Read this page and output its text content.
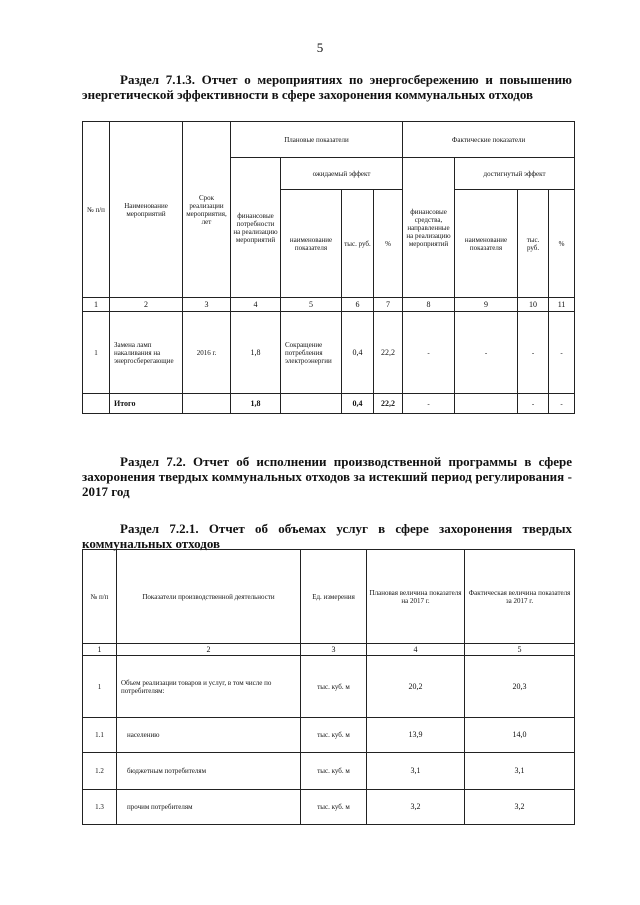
5
Раздел 7.1.3. Отчет о мероприятиях по энергосбережению и повышению энергетической эффективности в сфере захоронения коммунальных отходов
№ п/п	Наименование мероприятий	Срок реализации мероприятия, лет	Плановые показатели				Фактические показатели			
			финансовые потребности на реализацию мероприятий	ожидаемый эффект			финансовые средства, направленные на реализацию мероприятий	достигнутый эффект		
				наименование показателя	тыс. руб.	%		наименование показателя	тыс. руб.	%
1	2	3	4	5	6	7	8	9	10	11
1	Замена ламп накаливания на энергосберегающие	2016 г.	1,8	Сокращение потребления электроэнергии	0,4	22,2	-	-	-	-
	Итого		1,8		0,4	22,2	-		-	-
Раздел 7.2. Отчет об исполнении производственной программы в сфере захоронения твердых коммунальных отходов за истекший период регулирования - 2017 год
Раздел 7.2.1. Отчет об объемах услуг в сфере захоронения твердых коммунальных отходов
№ п/п	Показатели производственной деятельности	Ед. измерения	Плановая величина показателя на 2017 г.	Фактическая величина показателя за 2017 г.
1	2	3	4	5
1	Объем реализации товаров и услуг, в том числе по потребителям:	тыс. куб. м	20,2	20,3
1.1	населению	тыс. куб. м	13,9	14,0
1.2	бюджетным потребителям	тыс. куб. м	3,1	3,1
1.3	прочим потребителям	тыс. куб. м	3,2	3,2
